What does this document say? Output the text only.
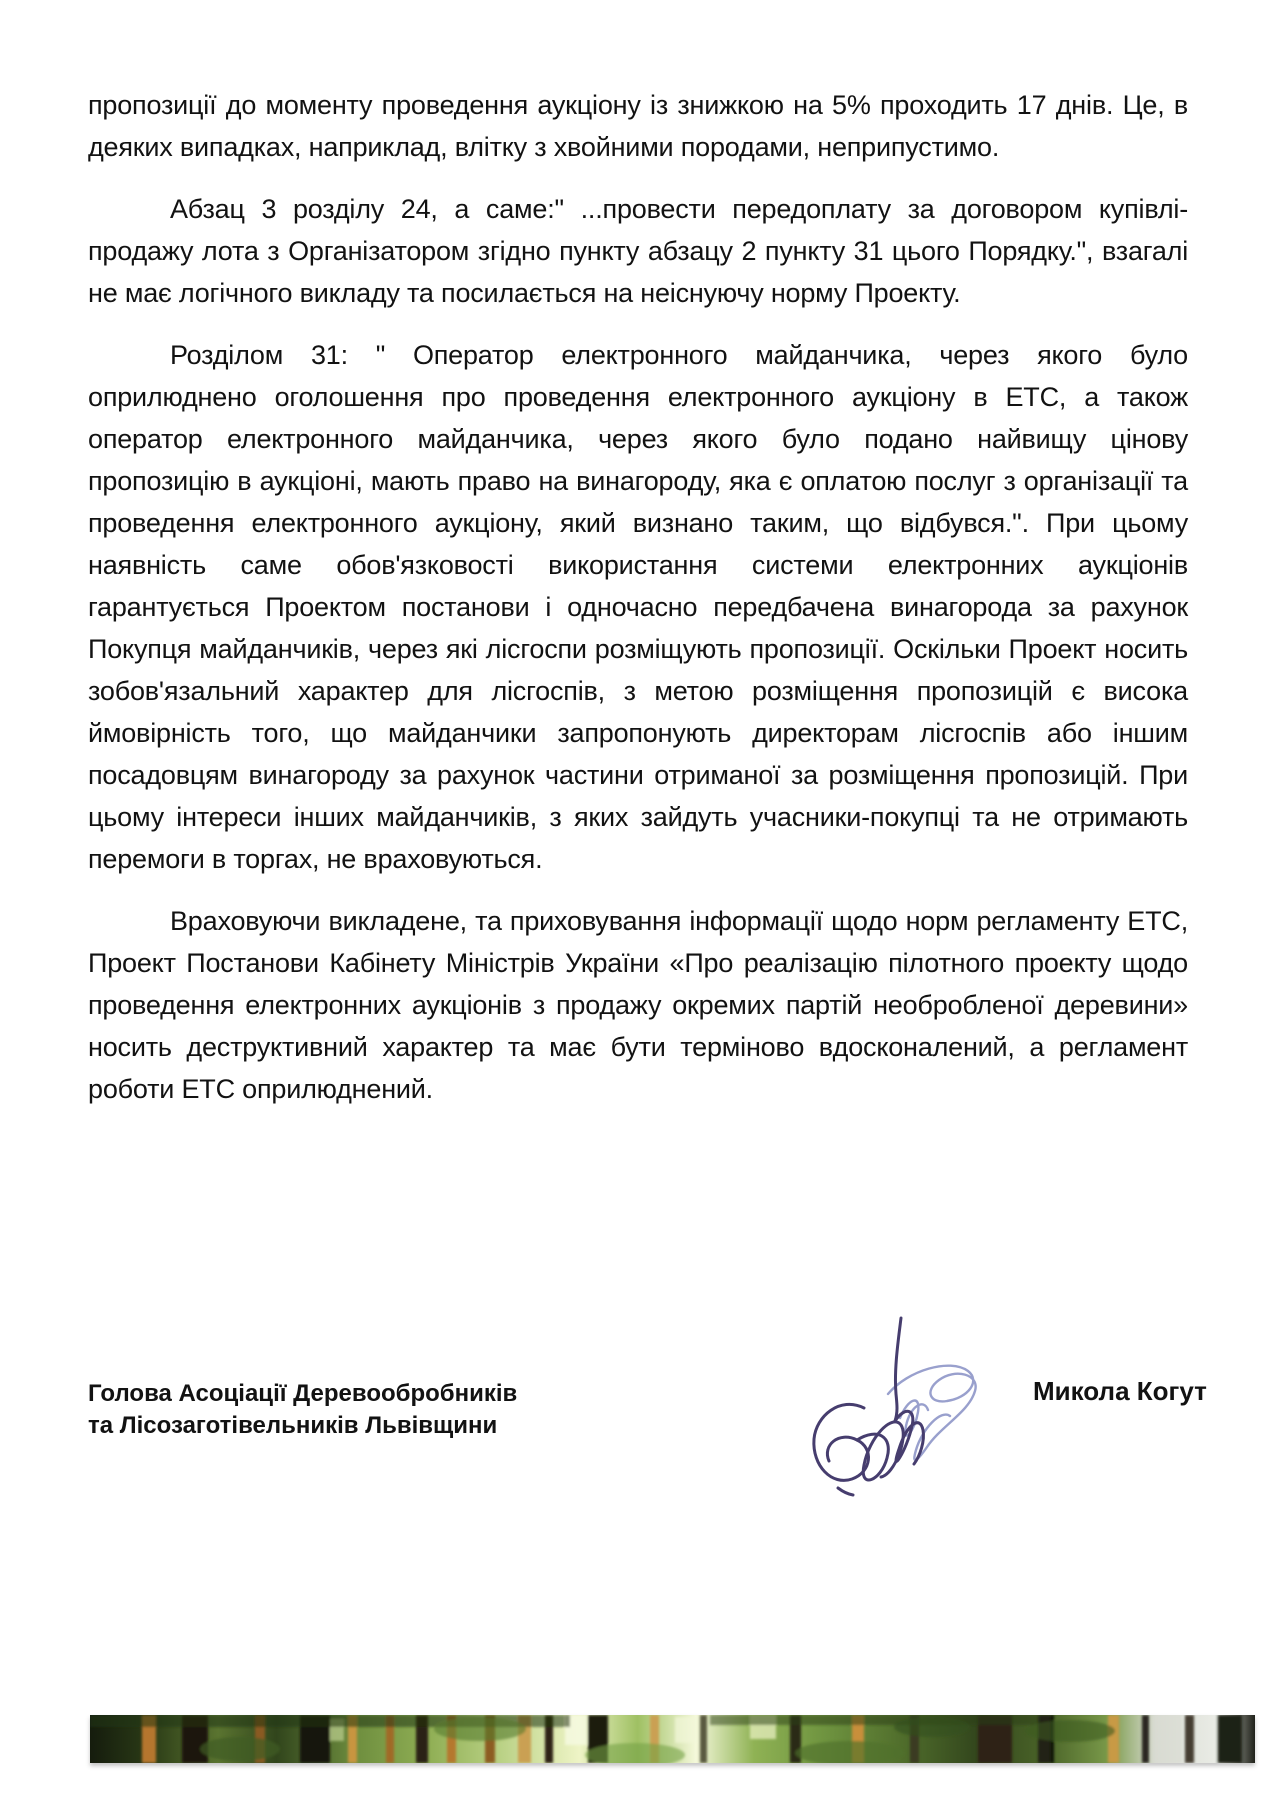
пропозиції до моменту проведення аукціону із знижкою на 5% проходить 17 днів. Це, в деяких випадках, наприклад, влітку з хвойними породами, неприпустимо.

Абзац 3 розділу 24, а саме:" ...провести передоплату за договором купівлі-продажу лота з Організатором згідно пункту абзацу 2 пункту 31 цього Порядку.", взагалі не має логічного викладу та посилається на неіснуючу норму Проекту.

Розділом 31: " Оператор електронного майданчика, через якого було оприлюднено оголошення про проведення електронного аукціону в ЕТС, а також оператор електронного майданчика, через якого було подано найвищу цінову пропозицію в аукціоні, мають право на винагороду, яка є оплатою послуг з організації та проведення електронного аукціону, який визнано таким, що відбувся.". При цьому наявність саме обов'язковості використання системи електронних аукціонів гарантується Проектом постанови і одночасно передбачена винагорода за рахунок Покупця майданчиків, через які лісгоспи розміщують пропозиції. Оскільки Проект носить зобов'язальний характер для лісгоспів, з метою розміщення пропозицій є висока ймовірність того, що майданчики запропонують директорам лісгоспів або іншим посадовцям винагороду за рахунок частини отриманої за розміщення пропозицій. При цьому інтереси інших майданчиків, з яких зайдуть учасники-покупці та не отримають перемоги в торгах, не враховуються.

Враховуючи викладене, та приховування інформації щодо норм регламенту ЕТС, Проект Постанови Кабінету Міністрів України «Про реалізацію пілотного проекту щодо проведення електронних аукціонів з продажу окремих партій необробленої деревини» носить деструктивний характер та має бути терміново вдосконалений, а регламент роботи ЕТС оприлюднений.

Голова Асоціації Деревообробників
та Лісозаготівельників Львівщини
Микола Когут
